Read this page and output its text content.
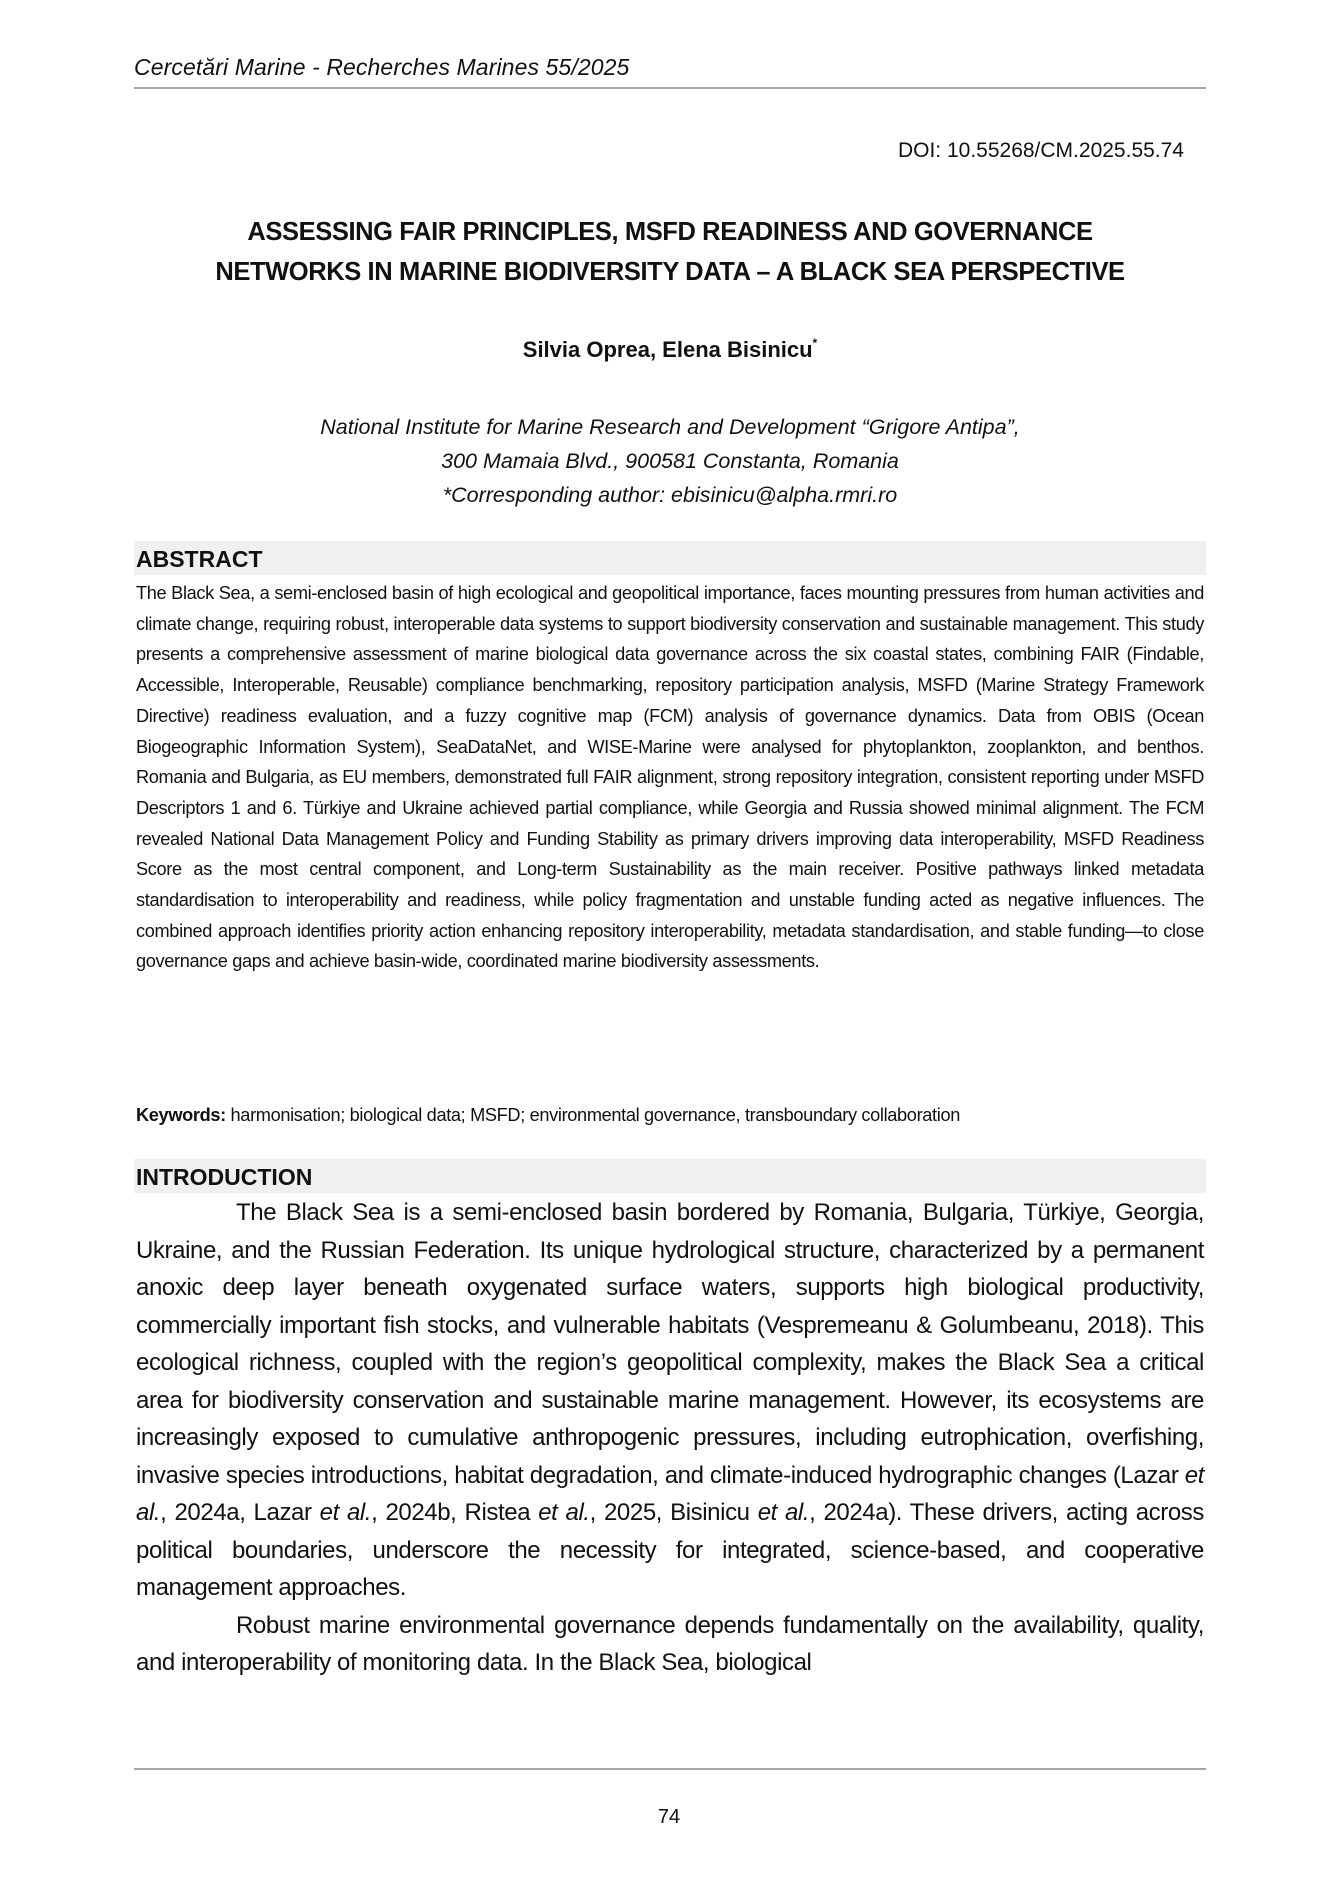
Cercetări Marine - Recherches Marines 55/2025
DOI: 10.55268/CM.2025.55.74
ASSESSING FAIR PRINCIPLES, MSFD READINESS AND GOVERNANCE
NETWORKS IN MARINE BIODIVERSITY DATA – A BLACK SEA PERSPECTIVE
Silvia Oprea, Elena Bisinicu*
National Institute for Marine Research and Development “Grigore Antipa”,
300 Mamaia Blvd., 900581 Constanta, Romania
*Corresponding author: ebisinicu@alpha.rmri.ro
ABSTRACT

The Black Sea, a semi-enclosed basin of high ecological and geopolitical importance, faces mounting pressures from human activities and climate change, requiring robust, interoperable data systems to support biodiversity conservation and sustainable management. This study presents a comprehensive assessment of marine biological data governance across the six coastal states, combining FAIR (Findable, Accessible, Interoperable, Reusable) compliance benchmarking, repository participation analysis, MSFD (Marine Strategy Framework Directive) readiness evaluation, and a fuzzy cognitive map (FCM) analysis of governance dynamics. Data from OBIS (Ocean Biogeographic Information System), SeaDataNet, and WISE-Marine were analysed for phytoplankton, zooplankton, and benthos. Romania and Bulgaria, as EU members, demonstrated full FAIR alignment, strong repository integration, consistent reporting under MSFD Descriptors 1 and 6. Türkiye and Ukraine achieved partial compliance, while Georgia and Russia showed minimal alignment. The FCM revealed National Data Management Policy and Funding Stability as primary drivers improving data interoperability, MSFD Readiness Score as the most central component, and Long-term Sustainability as the main receiver. Positive pathways linked metadata standardisation to interoperability and readiness, while policy fragmentation and unstable funding acted as negative influences. The combined approach identifies priority action enhancing repository interoperability, metadata standardisation, and stable funding—to close governance gaps and achieve basin-wide, coordinated marine biodiversity assessments.

Keywords: harmonisation; biological data; MSFD; environmental governance, transboundary collaboration
INTRODUCTION

The Black Sea is a semi-enclosed basin bordered by Romania, Bulgaria, Türkiye, Georgia, Ukraine, and the Russian Federation. Its unique hydrological structure, characterized by a permanent anoxic deep layer beneath oxygenated surface waters, supports high biological productivity, commercially important fish stocks, and vulnerable habitats (Vespremeanu & Golumbeanu, 2018). This ecological richness, coupled with the region’s geopolitical complexity, makes the Black Sea a critical area for biodiversity conservation and sustainable marine management. However, its ecosystems are increasingly exposed to cumulative anthropogenic pressures, including eutrophication, overfishing, invasive species introductions, habitat degradation, and climate-induced hydrographic changes (Lazar et al., 2024a, Lazar et al., 2024b, Ristea et al., 2025, Bisinicu et al., 2024a). These drivers, acting across political boundaries, underscore the necessity for integrated, science-based, and cooperative management approaches.

Robust marine environmental governance depends fundamentally on the availability, quality, and interoperability of monitoring data. In the Black Sea, biological

74
